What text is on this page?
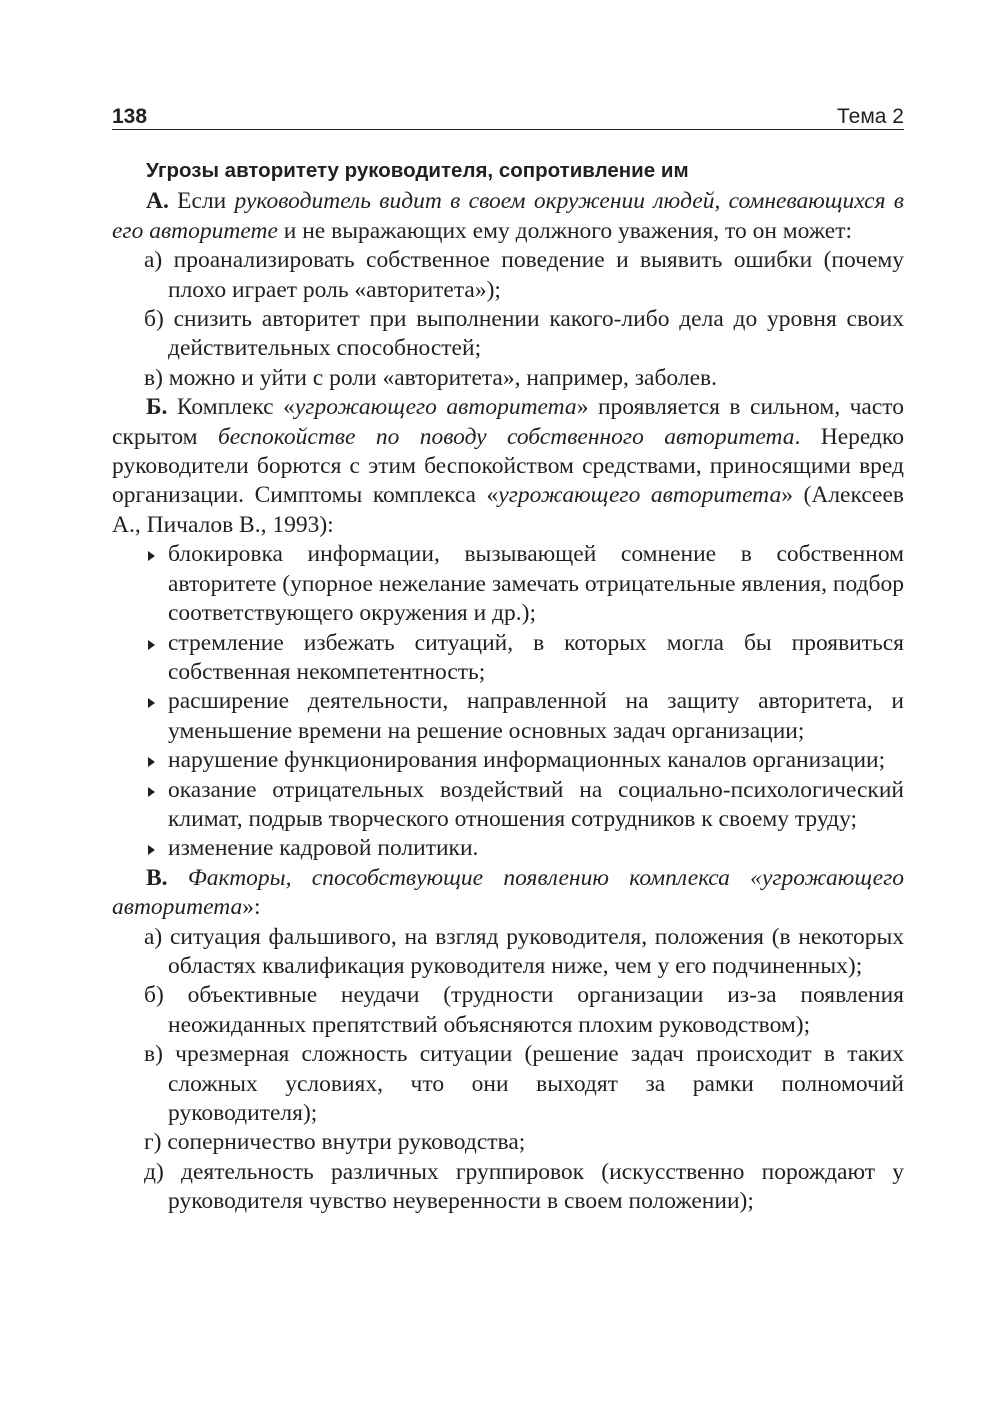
138	Тема 2
Угрозы авторитету руководителя, сопротивление им

А. Если руководитель видит в своем окружении людей, сомневающихся в его авторитете и не выражающих ему должного уважения, то он может:

а) проанализировать собственное поведение и выявить ошибки (почему плохо играет роль «авторитета»);

б) снизить авторитет при выполнении какого-либо дела до уровня своих действительных способностей;

в) можно и уйти с роли «авторитета», например, заболев.

Б. Комплекс «угрожающего авторитета» проявляется в сильном, часто скрытом беспокойстве по поводу собственного авторитета. Нередко руководители борются с этим беспокойством средствами, приносящими вред организации. Симптомы комплекса «угрожающего авторитета» (Алексеев А., Пичалов В., 1993):

блокировка информации, вызывающей сомнение в собственном авторитете (упорное нежелание замечать отрицательные явления, подбор соответствующего окружения и др.);

стремление избежать ситуаций, в которых могла бы проявиться собственная некомпетентность;

расширение деятельности, направленной на защиту авторитета, и уменьшение времени на решение основных задач организации;

нарушение функционирования информационных каналов организации;

оказание отрицательных воздействий на социально-психологический климат, подрыв творческого отношения сотрудников к своему труду;

изменение кадровой политики.

В. Факторы, способствующие появлению комплекса «угрожающего авторитета»:

а) ситуация фальшивого, на взгляд руководителя, положения (в некоторых областях квалификация руководителя ниже, чем у его подчиненных);

б) объективные неудачи (трудности организации из-за появления неожиданных препятствий объясняются плохим руководством);

в) чрезмерная сложность ситуации (решение задач происходит в таких сложных условиях, что они выходят за рамки полномочий руководителя);

г) соперничество внутри руководства;

д) деятельность различных группировок (искусственно порождают у руководителя чувство неуверенности в своем положении);
